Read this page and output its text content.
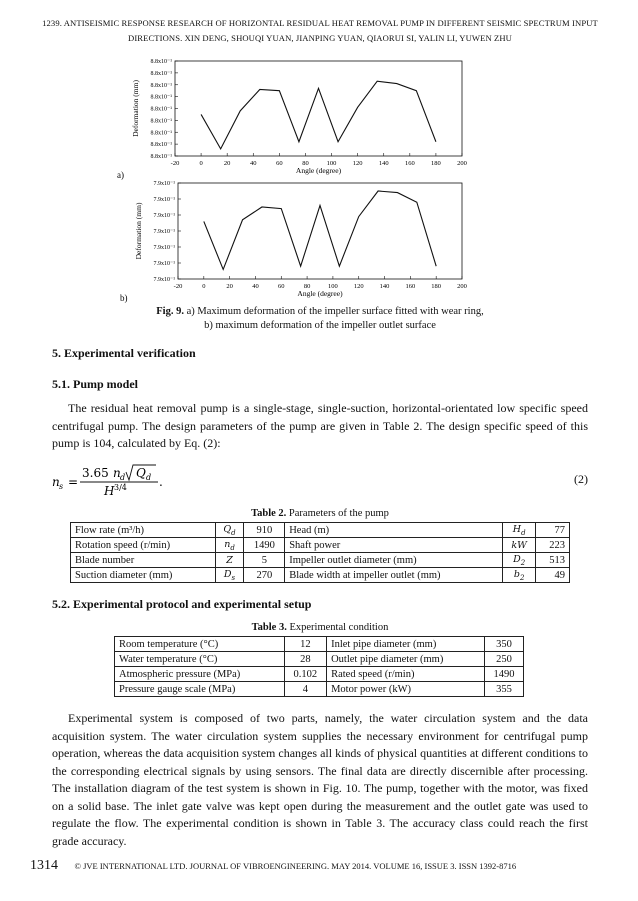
1239. ANTISEISMIC RESPONSE RESEARCH OF HORIZONTAL RESIDUAL HEAT REMOVAL PUMP IN DIFFERENT SEISMIC SPECTRUM INPUT
DIRECTIONS. XIN DENG, SHOUQI YUAN, JIANPING YUAN, QIAORUI SI, YALIN LI, YUWEN ZHU
-20	0	20	40	60	80	100	120	140	160	180	200
8.8x10⁻¹
8.8x10⁻¹
8.8x10⁻¹
8.8x10⁻¹
8.8x10⁻¹
8.8x10⁻¹
8.8x10⁻¹
8.8x10⁻¹
8.8x10⁻¹
Angle (degree)
Deformation (mm)
a)
-20	0	20	40	60	80	100 120 140 160 180 200
7.9x10⁻¹
7.9x10⁻¹
7.9x10⁻¹
7.9x10⁻¹
7.9x10⁻¹
7.9x10⁻¹
7.9x10⁻¹
Angle (degree)
Deformation (mm)
b)
Fig. 9. a) Maximum deformation of the impeller surface fitted with wear ring,
b) maximum deformation of the impeller outlet surface
5. Experimental verification
5.1. Pump model

The residual heat removal pump is a single-stage, single-suction, horizontal-orientated low specific speed centrifugal pump. The design parameters of the pump are given in Table 2. The design specific speed of this pump is 104, calculated by Eq. (2):

n s =
3.65 n d Q d
H 3/4	.	(2)
Table 2. Parameters of the pump
Flow rate (m³/h)	$Q_d$	910	Head (m)	$H_d$	77
Rotation speed (r/min)	$n_d$	1490	Shaft power	kW	223
Blade number	Z	5	Impeller outlet diameter (mm)	$D_2$	513
Suction diameter (mm)	$D_s$	270	Blade width at impeller outlet (mm)	$b_2$	49
5.2. Experimental protocol and experimental setup
Table 3. Experimental condition
Room temperature (°C)	12	Inlet pipe diameter (mm)	350
Water temperature (°C)	28	Outlet pipe diameter (mm)	250
Atmospheric pressure (MPa)	0.102	Rated speed (r/min)	1490
Pressure gauge scale (MPa)	4	Motor power (kW)	355

Experimental system is composed of two parts, namely, the water circulation system and the data acquisition system. The water circulation system supplies the necessary environment for centrifugal pump operation, whereas the data acquisition system changes all kinds of physical quantities at different conditions to the corresponding electrical signals by using sensors. The final data are directly discernible after processing. The installation diagram of the test system is shown in Fig. 10. The pump, together with the motor, was fixed on a solid base. The inlet gate valve was kept open during the measurement and the outlet gate was used to regulate the flow. The experimental condition is shown in Table 3. The accuracy class could reach the first grade accuracy.

1314 © JVE INTERNATIONAL LTD. JOURNAL OF VIBROENGINEERING. MAY 2014. VOLUME 16, ISSUE 3. ISSN 1392-8716
